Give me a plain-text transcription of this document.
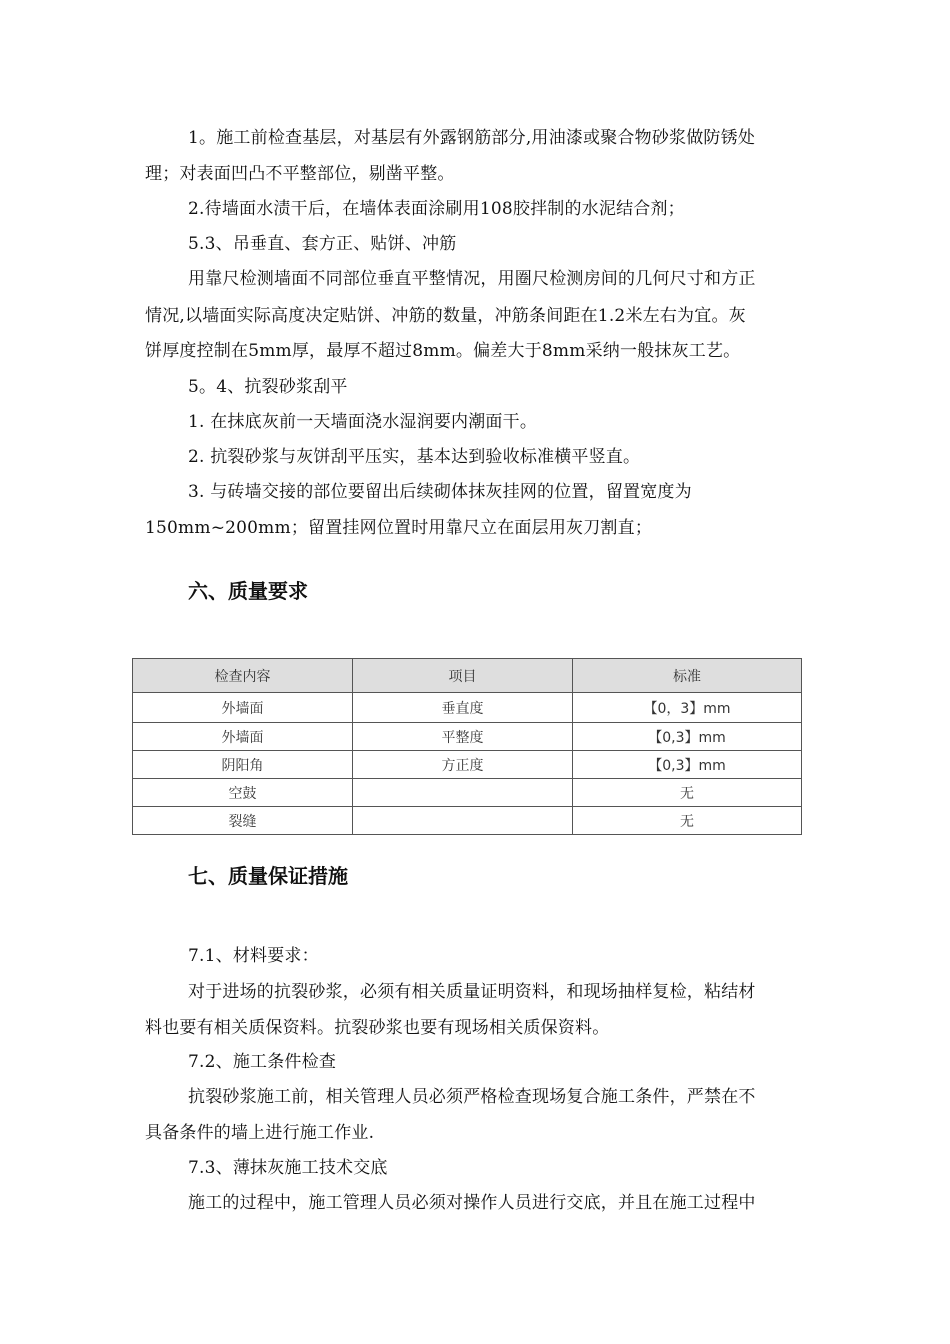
1。施工前检查基层，对基层有外露钢筋部分,用油漆或聚合物砂浆做防锈处
理；对表面凹凸不平整部位，剔凿平整。
2.待墙面水渍干后，在墙体表面涂刷用108胶拌制的水泥结合剂；
5.3、吊垂直、套方正、贴饼、冲筋
用靠尺检测墙面不同部位垂直平整情况，用圈尺检测房间的几何尺寸和方正
情况,以墙面实际高度决定贴饼、冲筋的数量，冲筋条间距在1.2米左右为宜。灰
饼厚度控制在5mm厚，最厚不超过8mm。偏差大于8mm采纳一般抹灰工艺。
5。4、抗裂砂浆刮平
1. 在抹底灰前一天墙面浇水湿润要内潮面干。
2. 抗裂砂浆与灰饼刮平压实，基本达到验收标准横平竖直。
3. 与砖墙交接的部位要留出后续砌体抹灰挂网的位置，留置宽度为
150mm~200mm；留置挂网位置时用靠尺立在面层用灰刀割直；
六、质量要求
检查内容	项目	标准
外墙面	垂直度	【0，3】mm
外墙面	平整度	【0,3】mm
阴阳角	方正度	【0,3】mm
空鼓		无
裂缝		无
七、质量保证措施
7.1、材料要求：
对于进场的抗裂砂浆，必须有相关质量证明资料，和现场抽样复检，粘结材
料也要有相关质保资料。抗裂砂浆也要有现场相关质保资料。
7.2、施工条件检查
抗裂砂浆施工前，相关管理人员必须严格检查现场复合施工条件，严禁在不
具备条件的墙上进行施工作业.
7.3、薄抹灰施工技术交底
施工的过程中，施工管理人员必须对操作人员进行交底，并且在施工过程中
